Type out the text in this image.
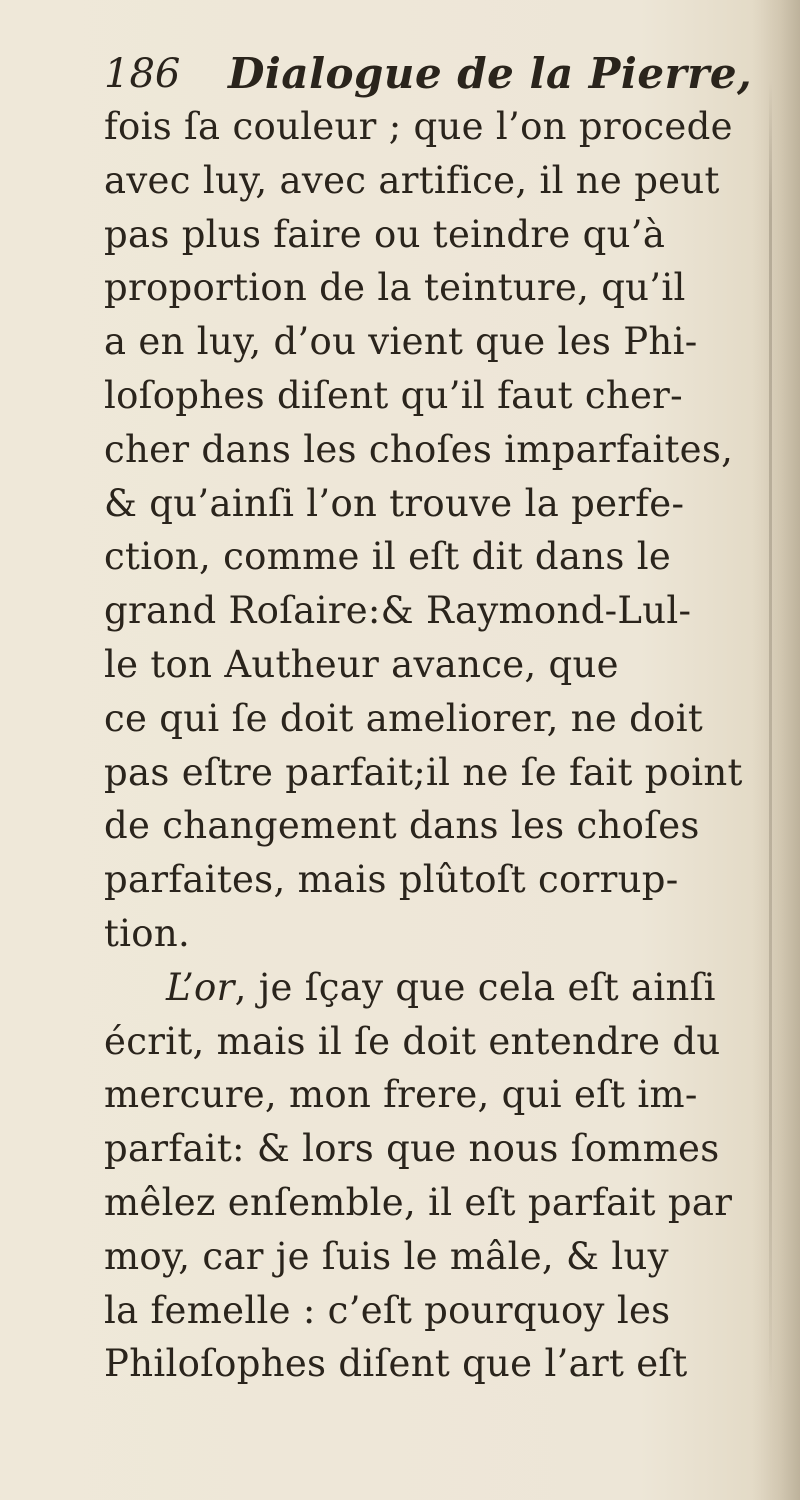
186 Dialogue de la Pierre,
fois ſa couleur ; que l’on procede
avec luy, avec artifice, il ne peut
pas plus faire ou teindre qu’à
proportion de la teinture, qu’il
a en luy, d’ou vient que les Phi-
loſophes diſent qu’il faut cher-
cher dans les choſes imparfaites,
& qu’ainſi l’on trouve la perfe-
ction, comme il eſt dit dans le
grand Roſaire:& Raymond-Lul-
le ton Autheur avance, que
ce qui ſe doit ameliorer, ne doit
pas eſtre parfait;il ne ſe fait point
de changement dans les choſes
parfaites, mais plûtoſt corrup-
tion.
L’or, je ſçay que cela eſt ainſi
écrit, mais il ſe doit entendre du
mercure, mon frere, qui eſt im-
parfait: & lors que nous ſommes
mêlez enſemble, il eſt parfait par
moy, car je ſuis le mâle, & luy
la femelle : c’eſt pourquoy les
Philoſophes diſent que l’art eſt
